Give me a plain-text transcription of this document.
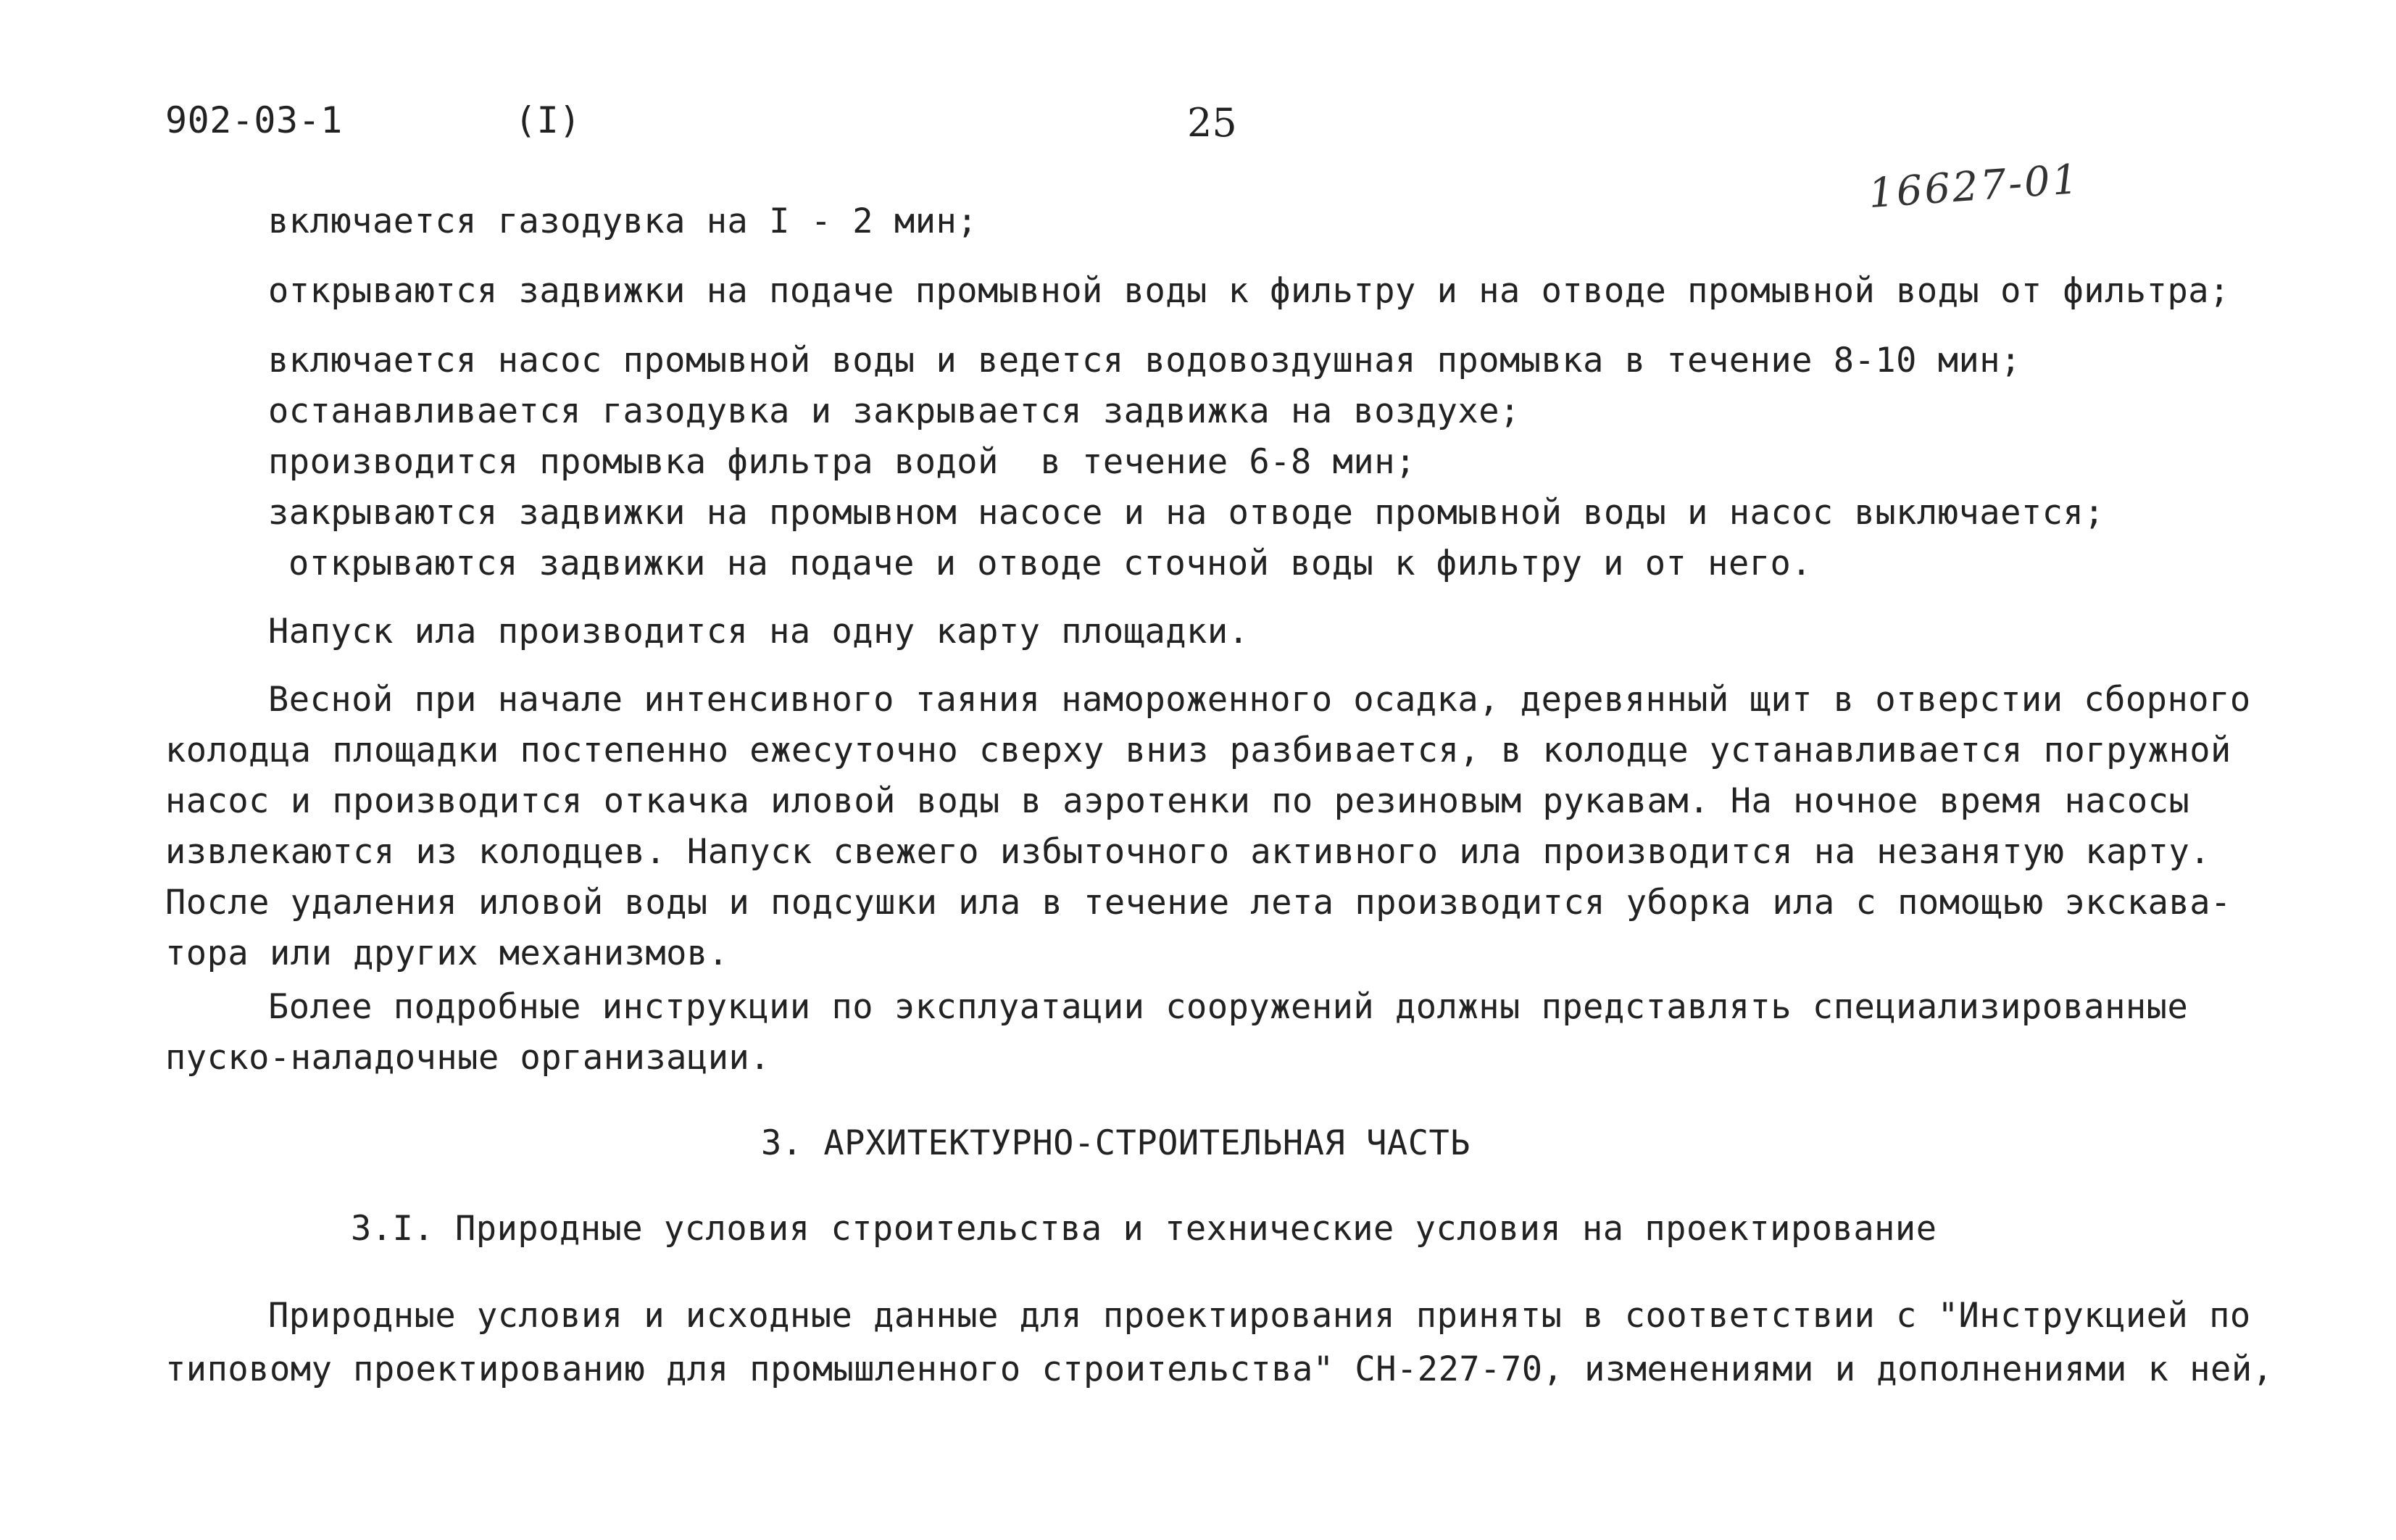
902-03-1	(I)	25
16627-01
включается газодувка на I - 2 мин;
открываются задвижки на подаче промывной воды к фильтру и на отводе промывной воды от фильтра;
включается насос промывной воды и ведется водовоздушная промывка в течение 8-10 мин;
останавливается газодувка и закрывается задвижка на воздухе;
производится промывка фильтра водой  в течение 6-8 мин;
закрываются задвижки на промывном насосе и на отводе промывной воды и насос выключается;
открываются задвижки на подаче и отводе сточной воды к фильтру и от него.
Напуск ила производится на одну карту площадки.
Весной при начале интенсивного таяния намороженного осадка, деревянный щит в отверстии сборного
колодца площадки постепенно ежесуточно сверху вниз разбивается, в колодце устанавливается погружной
насос и производится откачка иловой воды в аэротенки по резиновым рукавам. На ночное время насосы
извлекаются из колодцев. Напуск свежего избыточного активного ила производится на незанятую карту.
После удаления иловой воды и подсушки ила в течение лета производится уборка ила с помощью экскава-
тора или других механизмов.
Более подробные инструкции по эксплуатации сооружений должны представлять специализированные
пуско-наладочные организации.
3. АРХИТЕКТУРНО-СТРОИТЕЛЬНАЯ ЧАСТЬ
3.I. Природные условия строительства и технические условия на проектирование
Природные условия и исходные данные для проектирования приняты в соответствии с "Инструкцией по
типовому проектированию для промышленного строительства" СН-227-70, изменениями и дополнениями к ней,
